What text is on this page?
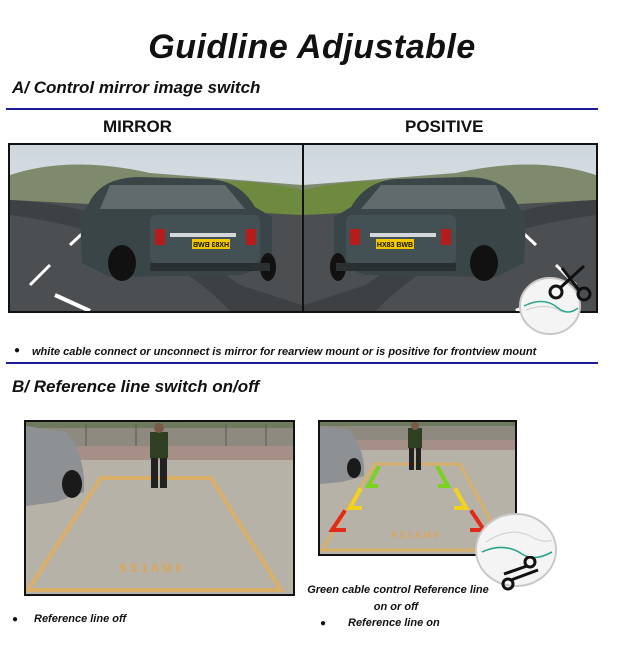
Guidline Adjustable
A/ Control mirror image switch
MIRROR	POSITIVE
HX83 BWB	HX83 BWB
● white cable connect or unconnect is mirror for rearview mount or is positive for frontview mount
B/ Reference line switch on/off
9 S 1 A M 6
9 S 1 A M 6
● Reference line off
Green cable control Reference line
on or off
● Reference line on
